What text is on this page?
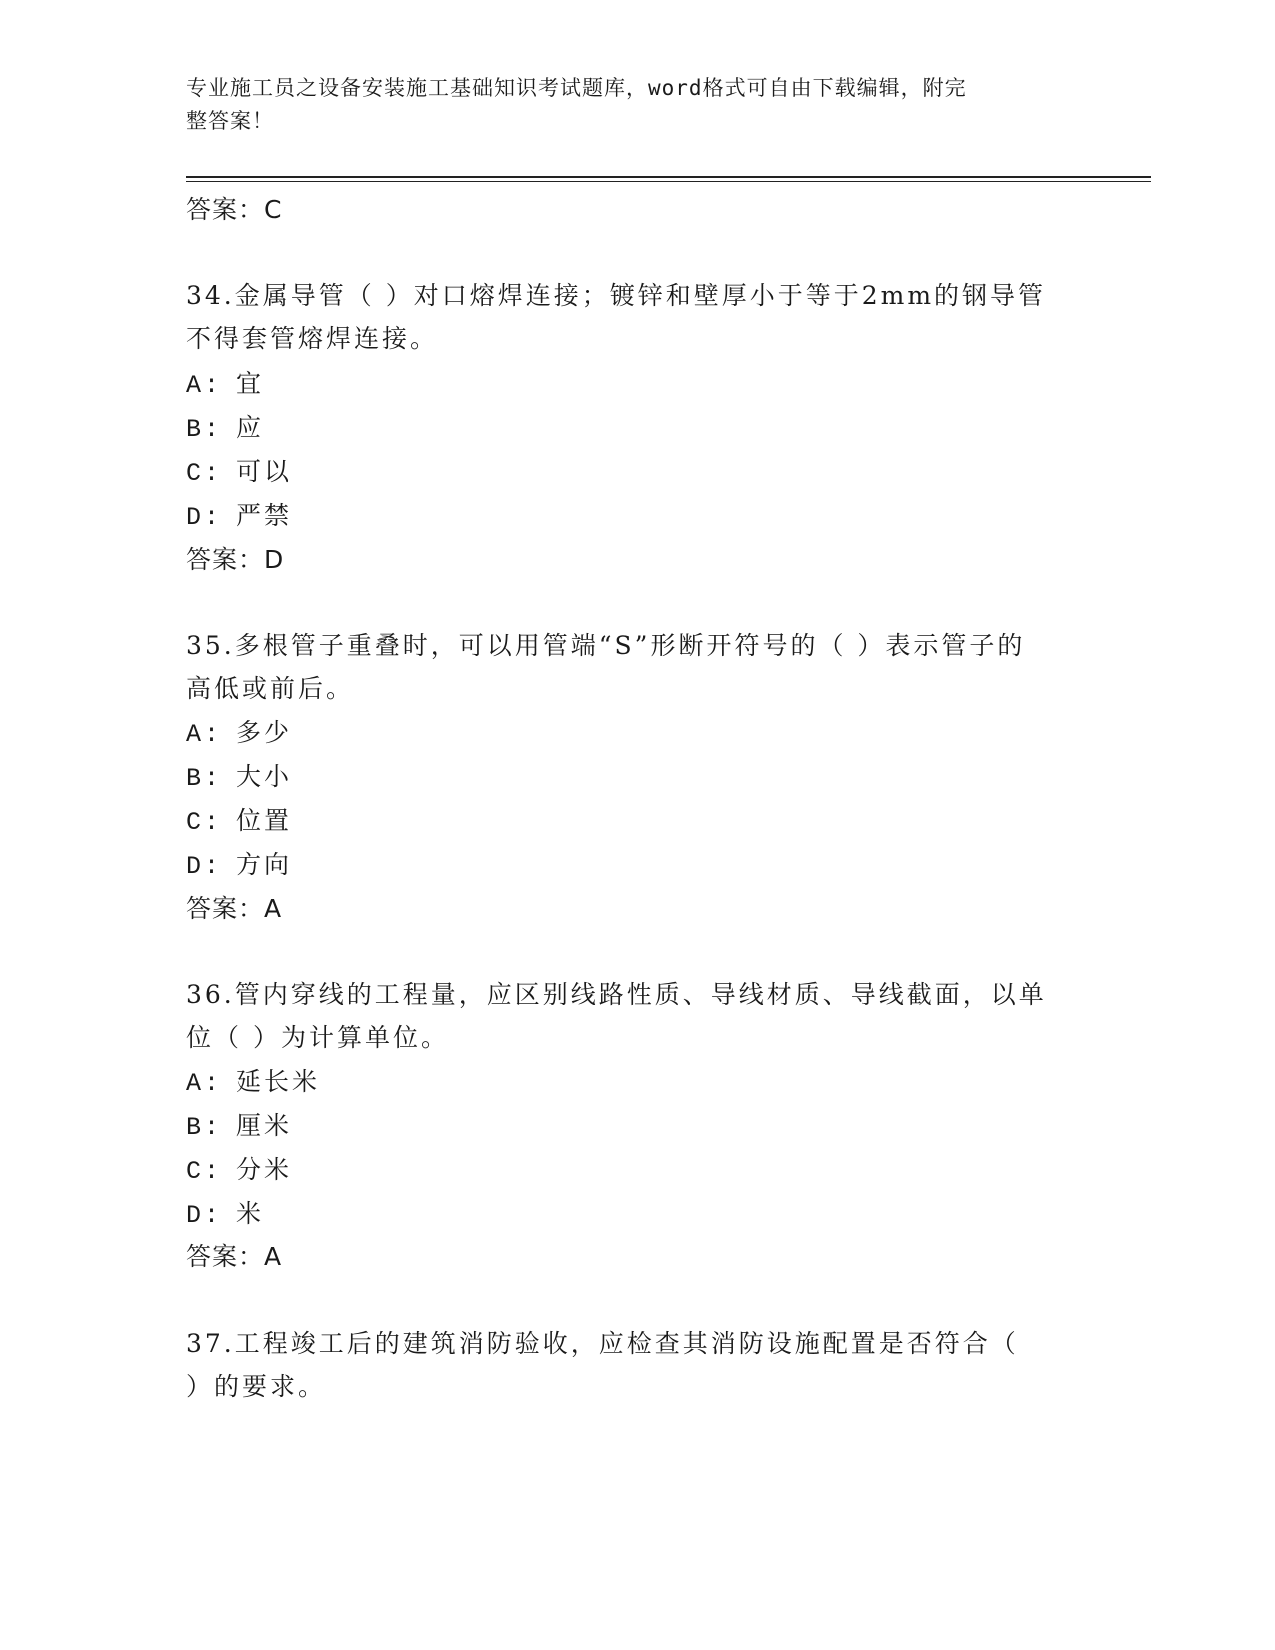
专业施工员之设备安装施工基础知识考试题库，word格式可自由下载编辑，附完
整答案！
答案：C
34.金属导管（ ）对口熔焊连接；镀锌和壁厚小于等于2mm的钢导管
不得套管熔焊连接。
A: 宜
B: 应
C: 可以
D: 严禁
答案：D
35.多根管子重叠时，可以用管端“S”形断开符号的（ ）表示管子的
高低或前后。
A: 多少
B: 大小
C: 位置
D: 方向
答案：A
36.管内穿线的工程量，应区别线路性质、导线材质、导线截面，以单
位（ ）为计算单位。
A: 延长米
B: 厘米
C: 分米
D: 米
答案：A
37.工程竣工后的建筑消防验收，应检查其消防设施配置是否符合（
）的要求。
